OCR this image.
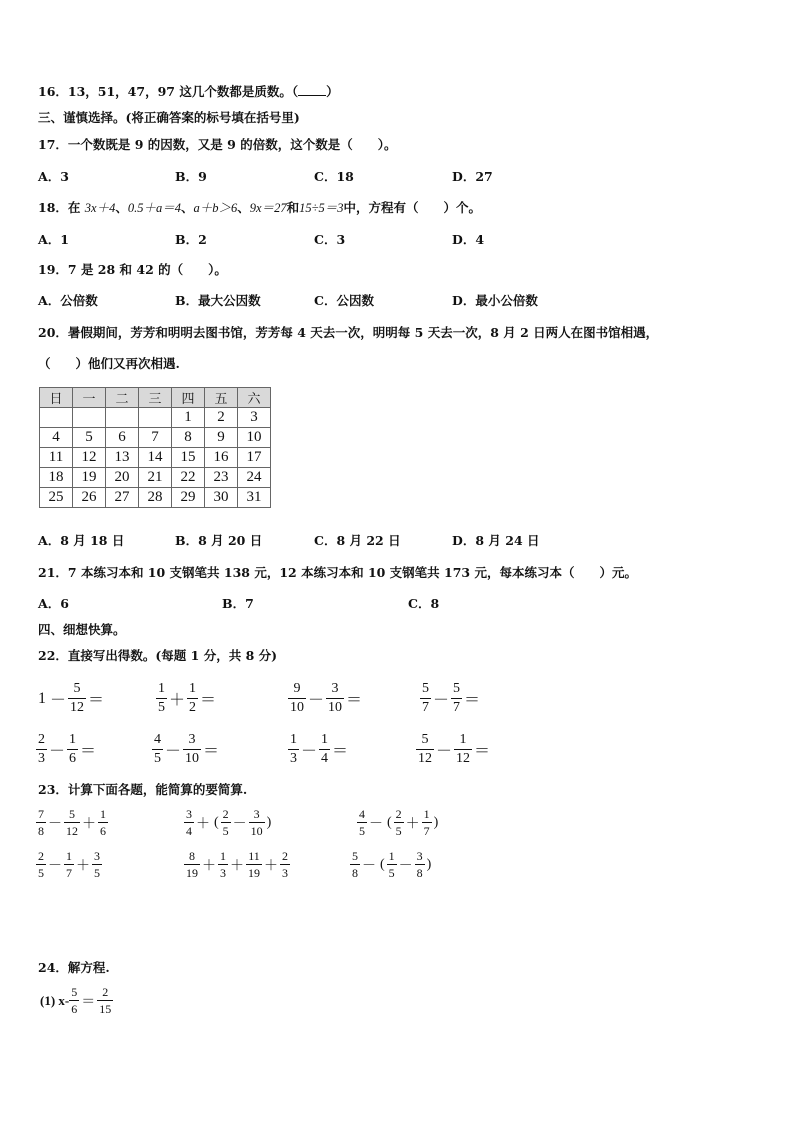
16．13，51，47，97 这几个数都是质数。（ ）
三、谨慎选择。(将正确答案的标号填在括号里)
17．一个数既是 9 的因数，又是 9 的倍数，这个数是（　　）。
A．3	B．9	C．18	D．27
18．在 3x＋4、0.5＋a＝4、a＋b＞6、9x＝27和15÷5＝3中，方程有（　　）个。
A．1	B．2	C．3	D．4
19．7 是 28 和 42 的（　　）。
A．公倍数	B．最大公因数	C．公因数	D．最小公倍数
20．暑假期间，芳芳和明明去图书馆，芳芳每 4 天去一次，明明每 5 天去一次，8 月 2 日两人在图书馆相遇，
（　　）他们又再次相遇.
日	一	二	三	四	五	六
				1	2	3
4	5	6	7	8	9	10
11	12	13	14	15	16	17
18	19	20	21	22	23	24
25	26	27	28	29	30	31
A．8 月 18 日	B．8 月 20 日	C．8 月 22 日	D．8 月 24 日
21．7 本练习本和 10 支钢笔共 138 元，12 本练习本和 10 支钢笔共 173 元，每本练习本（　　）元。
A．6	B．7	C．8
四、细想快算。
22．直接写出得数。(每题 1 分，共 8 分)
$1 - \frac{5}{12}$ ＝	$\frac{1}{5} + \frac{1}{2}$ ＝	$\frac{9}{10} - \frac{3}{10}$ ＝	$\frac{5}{7} - \frac{5}{7}$ ＝
$\frac{2}{3} - \frac{1}{6}$ ＝	$\frac{4}{5} - \frac{3}{10}$ ＝	$\frac{1}{3} - \frac{1}{4}$ ＝	$\frac{5}{12} - \frac{1}{12}$ ＝
23．计算下面各题，能简算的要简算.
$\frac{7}{8} - \frac{5}{12} + \frac{1}{6}$	$\frac{3}{4}$ ＋ ( $\frac{2}{5} - \frac{3}{10}$ )	$\frac{4}{5}$ － ( $\frac{2}{5} + \frac{1}{7}$ )
$\frac{2}{5} - \frac{1}{7} + \frac{3}{5}$	$\frac{8}{19} + \frac{1}{3} + \frac{11}{19} + \frac{2}{3}$	$\frac{5}{8}$ － ( $\frac{1}{5} - \frac{3}{8}$ )
24．解方程.
(1) $x- \frac{5}{6} = \frac{2}{15}$
